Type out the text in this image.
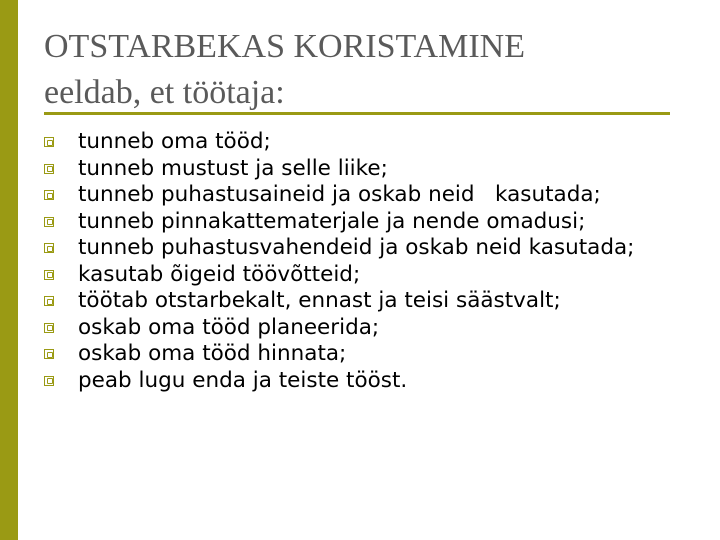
OTSTARBEKAS KORISTAMINE
eeldab, et töötaja:
tunneb oma tööd;
tunneb mustust ja selle liike;
tunneb puhastusaineid ja oskab neid   kasutada;
tunneb pinnakattematerjale ja nende omadusi;
tunneb puhastusvahendeid ja oskab neid kasutada;
kasutab õigeid töövõtteid;
töötab otstarbekalt, ennast ja teisi säästvalt;
oskab oma tööd planeerida;
oskab oma tööd hinnata;
peab lugu enda ja teiste tööst.
